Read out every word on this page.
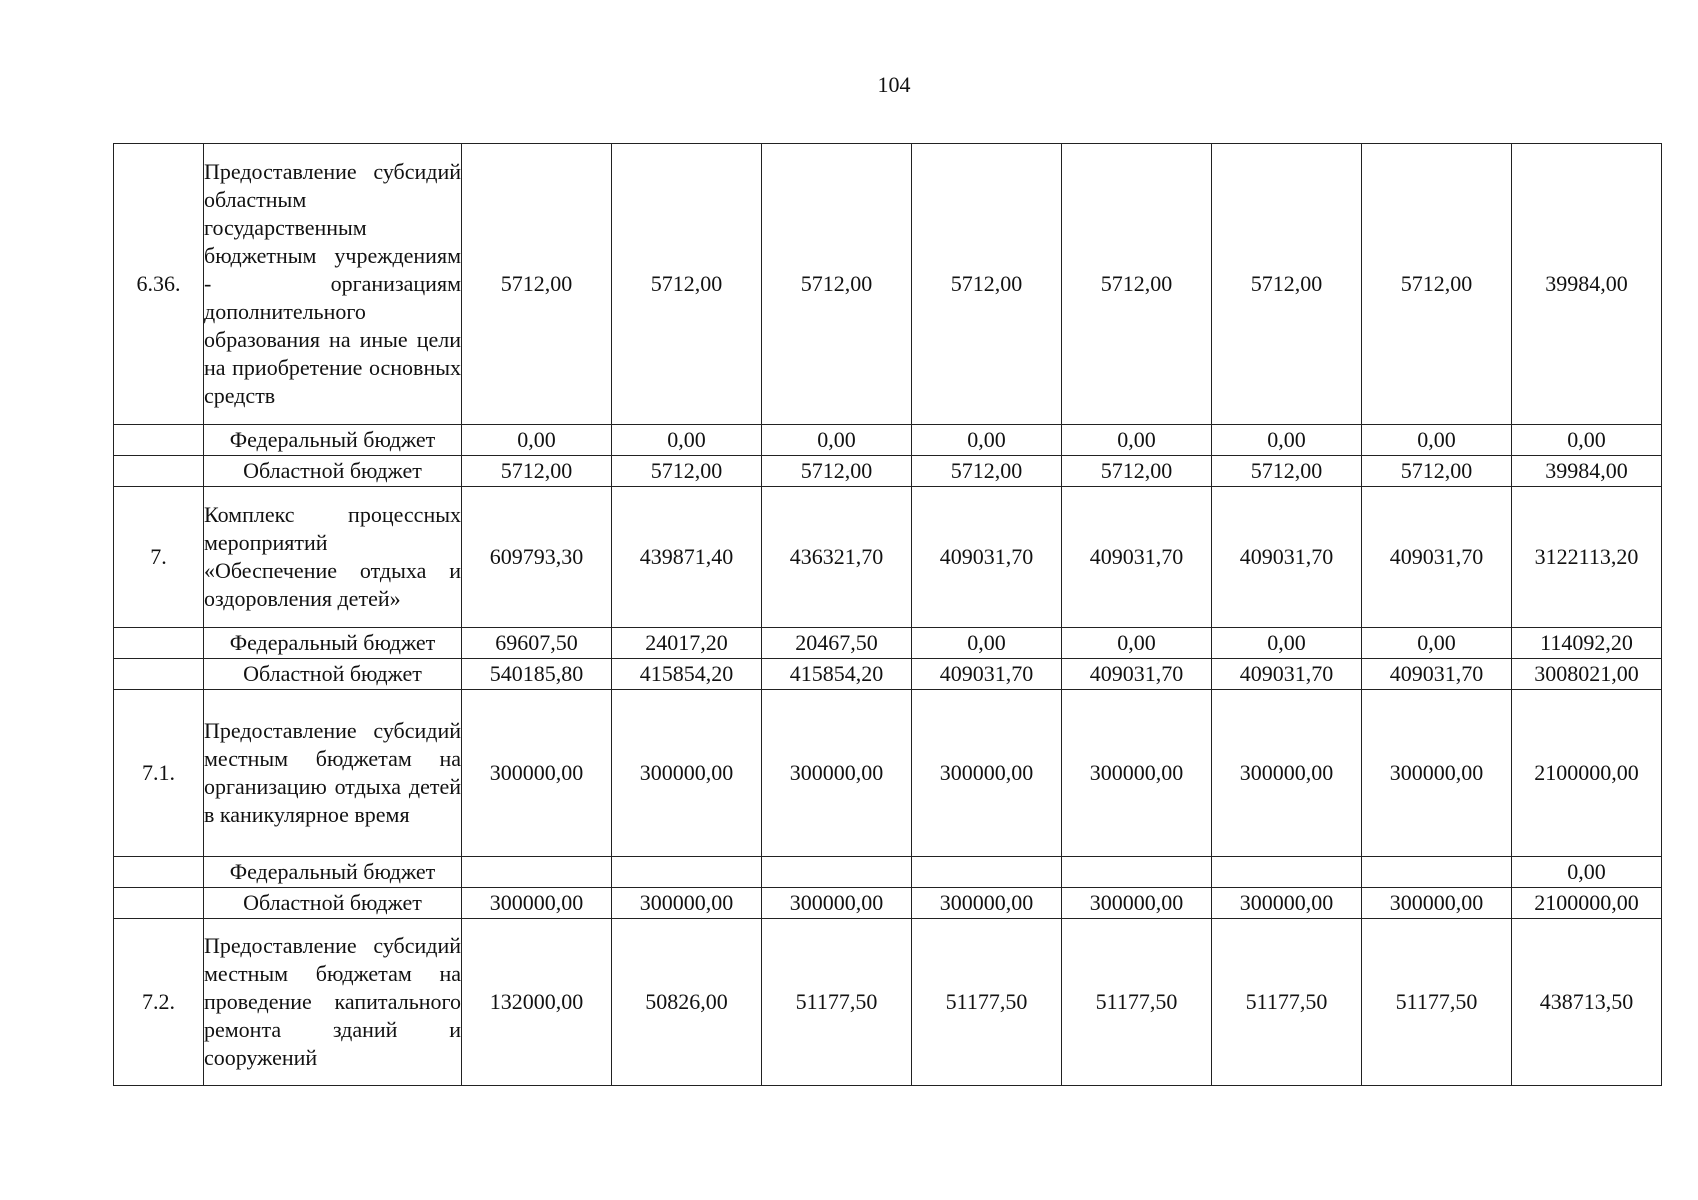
104
6.36.	Предоставление субсидий областным государственным бюджетным учреждениям - организациям дополнительного образования на иные цели на приобретение основных средств	5712,00	5712,00	5712,00	5712,00	5712,00	5712,00	5712,00	39984,00
	Федеральный бюджет	0,00	0,00	0,00	0,00	0,00	0,00	0,00	0,00
	Областной бюджет	5712,00	5712,00	5712,00	5712,00	5712,00	5712,00	5712,00	39984,00
7.	Комплекс процессных мероприятий «Обеспечение отдыха и оздоровления детей»	609793,30	439871,40	436321,70	409031,70	409031,70	409031,70	409031,70	3122113,20
	Федеральный бюджет	69607,50	24017,20	20467,50	0,00	0,00	0,00	0,00	114092,20
	Областной бюджет	540185,80	415854,20	415854,20	409031,70	409031,70	409031,70	409031,70	3008021,00
7.1.	Предоставление субсидий местным бюджетам на организацию отдыха детей в каникулярное время	300000,00	300000,00	300000,00	300000,00	300000,00	300000,00	300000,00	2100000,00
	Федеральный бюджет								0,00
	Областной бюджет	300000,00	300000,00	300000,00	300000,00	300000,00	300000,00	300000,00	2100000,00
7.2.	Предоставление субсидий местным бюджетам на проведение капитального ремонта зданий и сооружений	132000,00	50826,00	51177,50	51177,50	51177,50	51177,50	51177,50	438713,50
